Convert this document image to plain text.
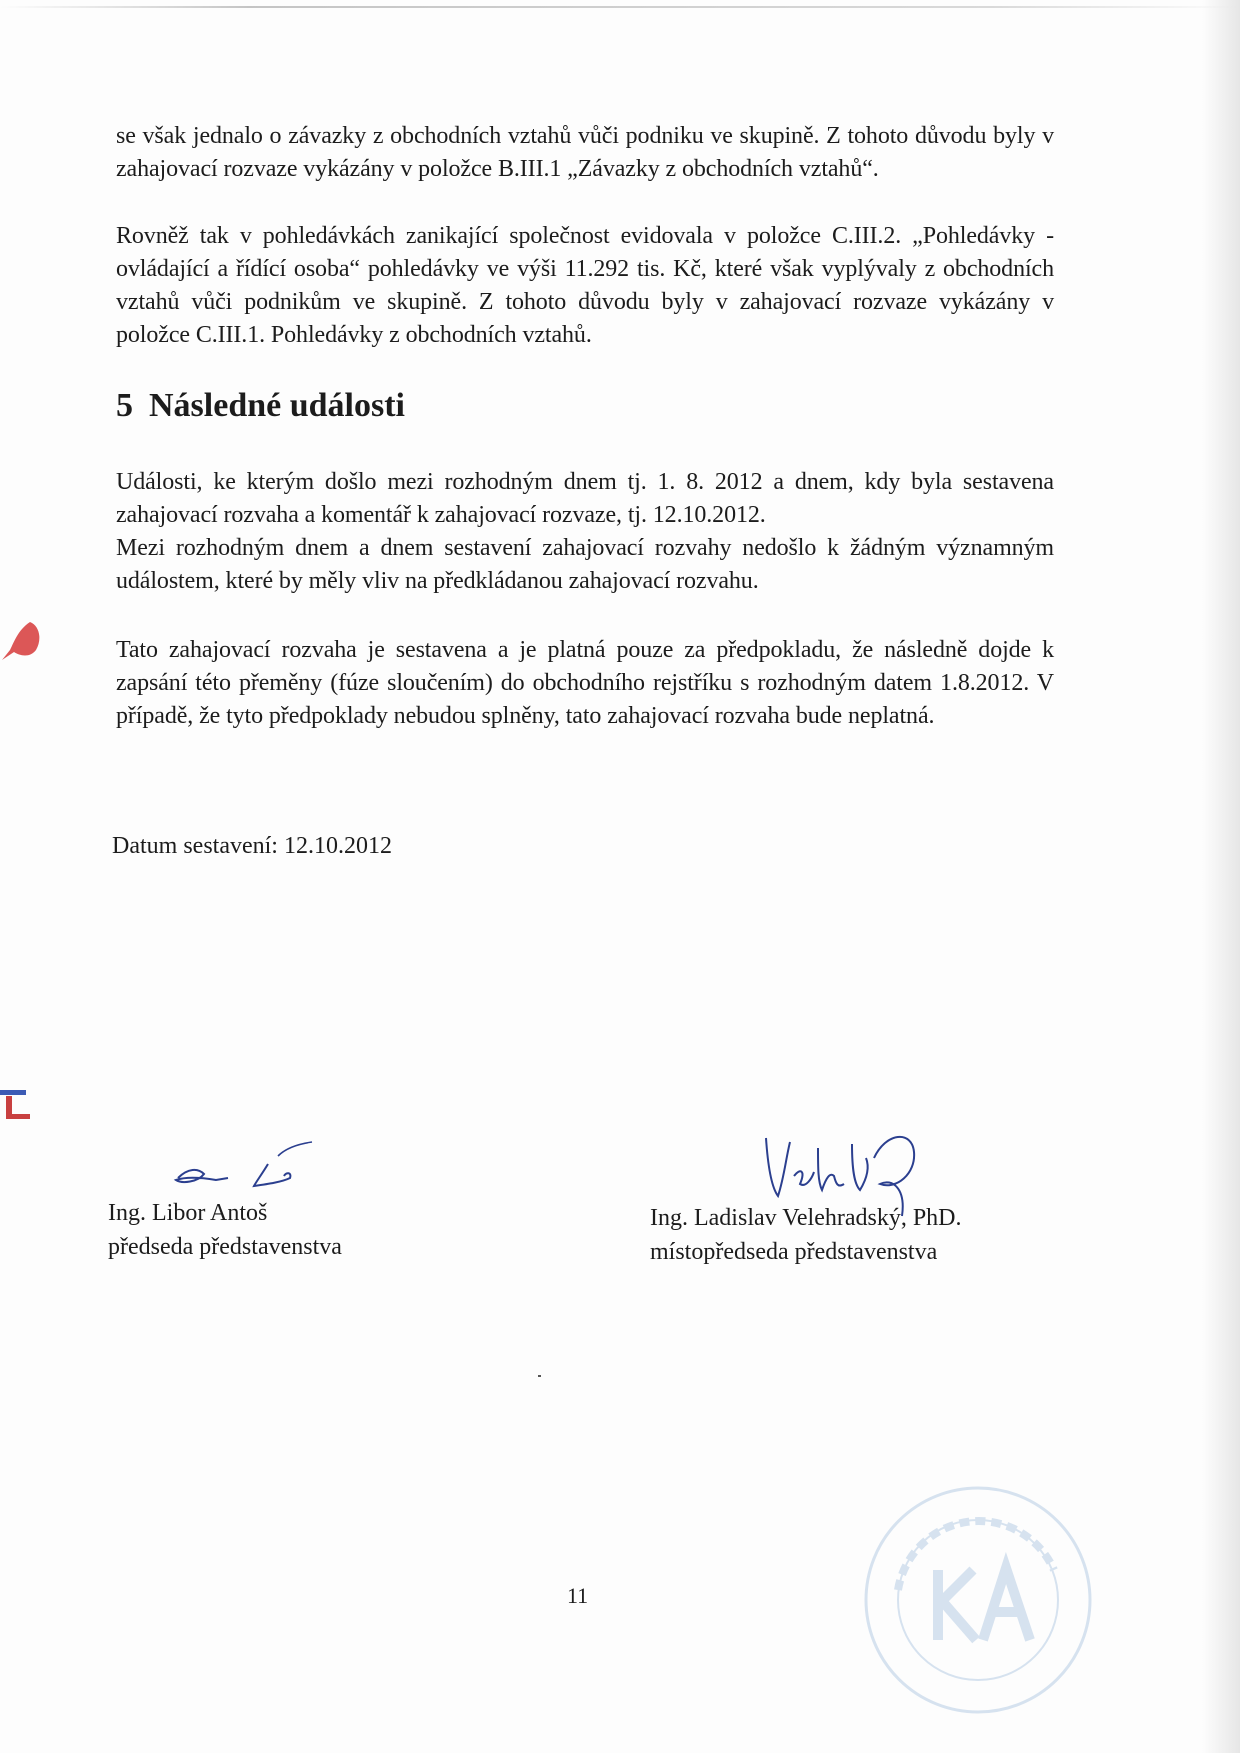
se však jednalo o závazky z obchodních vztahů vůči podniku ve skupině. Z tohoto důvodu byly v zahajovací rozvaze vykázány v položce B.III.1 „Závazky z obchodních vztahů“.

Rovněž tak v pohledávkách zanikající společnost evidovala v položce C.III.2. „Pohledávky - ovládající a řídící osoba“ pohledávky ve výši 11.292 tis. Kč, které však vyplývaly z obchodních vztahů vůči podnikům ve skupině. Z tohoto důvodu byly v zahajovací rozvaze vykázány v položce C.III.1. Pohledávky z obchodních vztahů.

5 Následné události

Události, ke kterým došlo mezi rozhodným dnem tj. 1. 8. 2012 a dnem, kdy byla sestavena zahajovací rozvaha a komentář k zahajovací rozvaze, tj. 12.10.2012.

Mezi rozhodným dnem a dnem sestavení zahajovací rozvahy nedošlo k žádným významným událostem, které by měly vliv na předkládanou zahajovací rozvahu.

Tato zahajovací rozvaha je sestavena a je platná pouze za předpokladu, že následně dojde k zapsání této přeměny (fúze sloučením) do obchodního rejstříku s rozhodným datem 1.8.2012. V případě, že tyto předpoklady nebudou splněny, tato zahajovací rozvaha bude neplatná.

Datum sestavení: 12.10.2012

Ing. Libor Antoš

předseda představenstva

Ing. Ladislav Velehradský, PhD.

místopředseda představenstva

11
